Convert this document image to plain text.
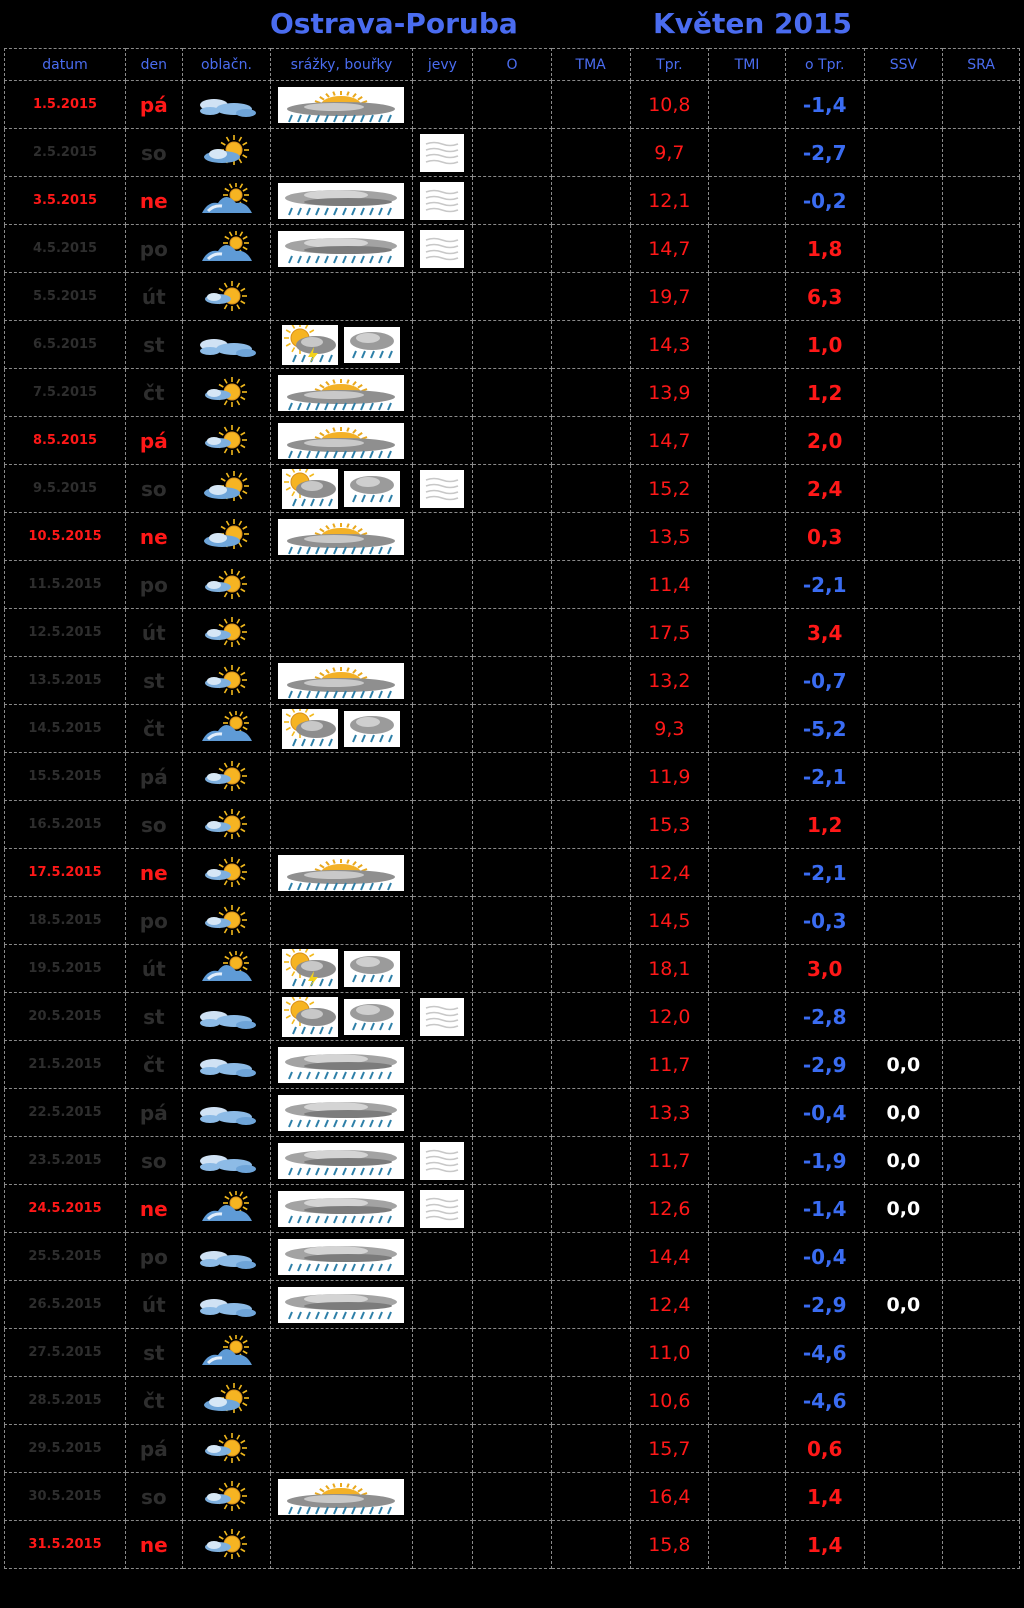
Ostrava-Poruba	Květen 2015
datum	den	oblačn.	srážky, bouřky	jevy	O	TMA	Tpr.	TMI	o Tpr.	SSV	SRA
1.5.2015	pá						10,8		-1,4		
2.5.2015	so						9,7		-2,7		
3.5.2015	ne						12,1		-0,2		
4.5.2015	po						14,7		1,8		
5.5.2015	út						19,7		6,3		
6.5.2015	st						14,3		1,0		
7.5.2015	čt						13,9		1,2		
8.5.2015	pá						14,7		2,0		
9.5.2015	so						15,2		2,4		
10.5.2015	ne						13,5		0,3		
11.5.2015	po						11,4		-2,1		
12.5.2015	út						17,5		3,4		
13.5.2015	st						13,2		-0,7		
14.5.2015	čt						9,3		-5,2		
15.5.2015	pá						11,9		-2,1		
16.5.2015	so						15,3		1,2		
17.5.2015	ne						12,4		-2,1		
18.5.2015	po						14,5		-0,3		
19.5.2015	út						18,1		3,0		
20.5.2015	st						12,0		-2,8		
21.5.2015	čt						11,7		-2,9	0,0	
22.5.2015	pá						13,3		-0,4	0,0	
23.5.2015	so						11,7		-1,9	0,0	
24.5.2015	ne						12,6		-1,4	0,0	
25.5.2015	po						14,4		-0,4		
26.5.2015	út						12,4		-2,9	0,0	
27.5.2015	st						11,0		-4,6		
28.5.2015	čt						10,6		-4,6		
29.5.2015	pá						15,7		0,6		
30.5.2015	so						16,4		1,4		
31.5.2015	ne						15,8		1,4		
